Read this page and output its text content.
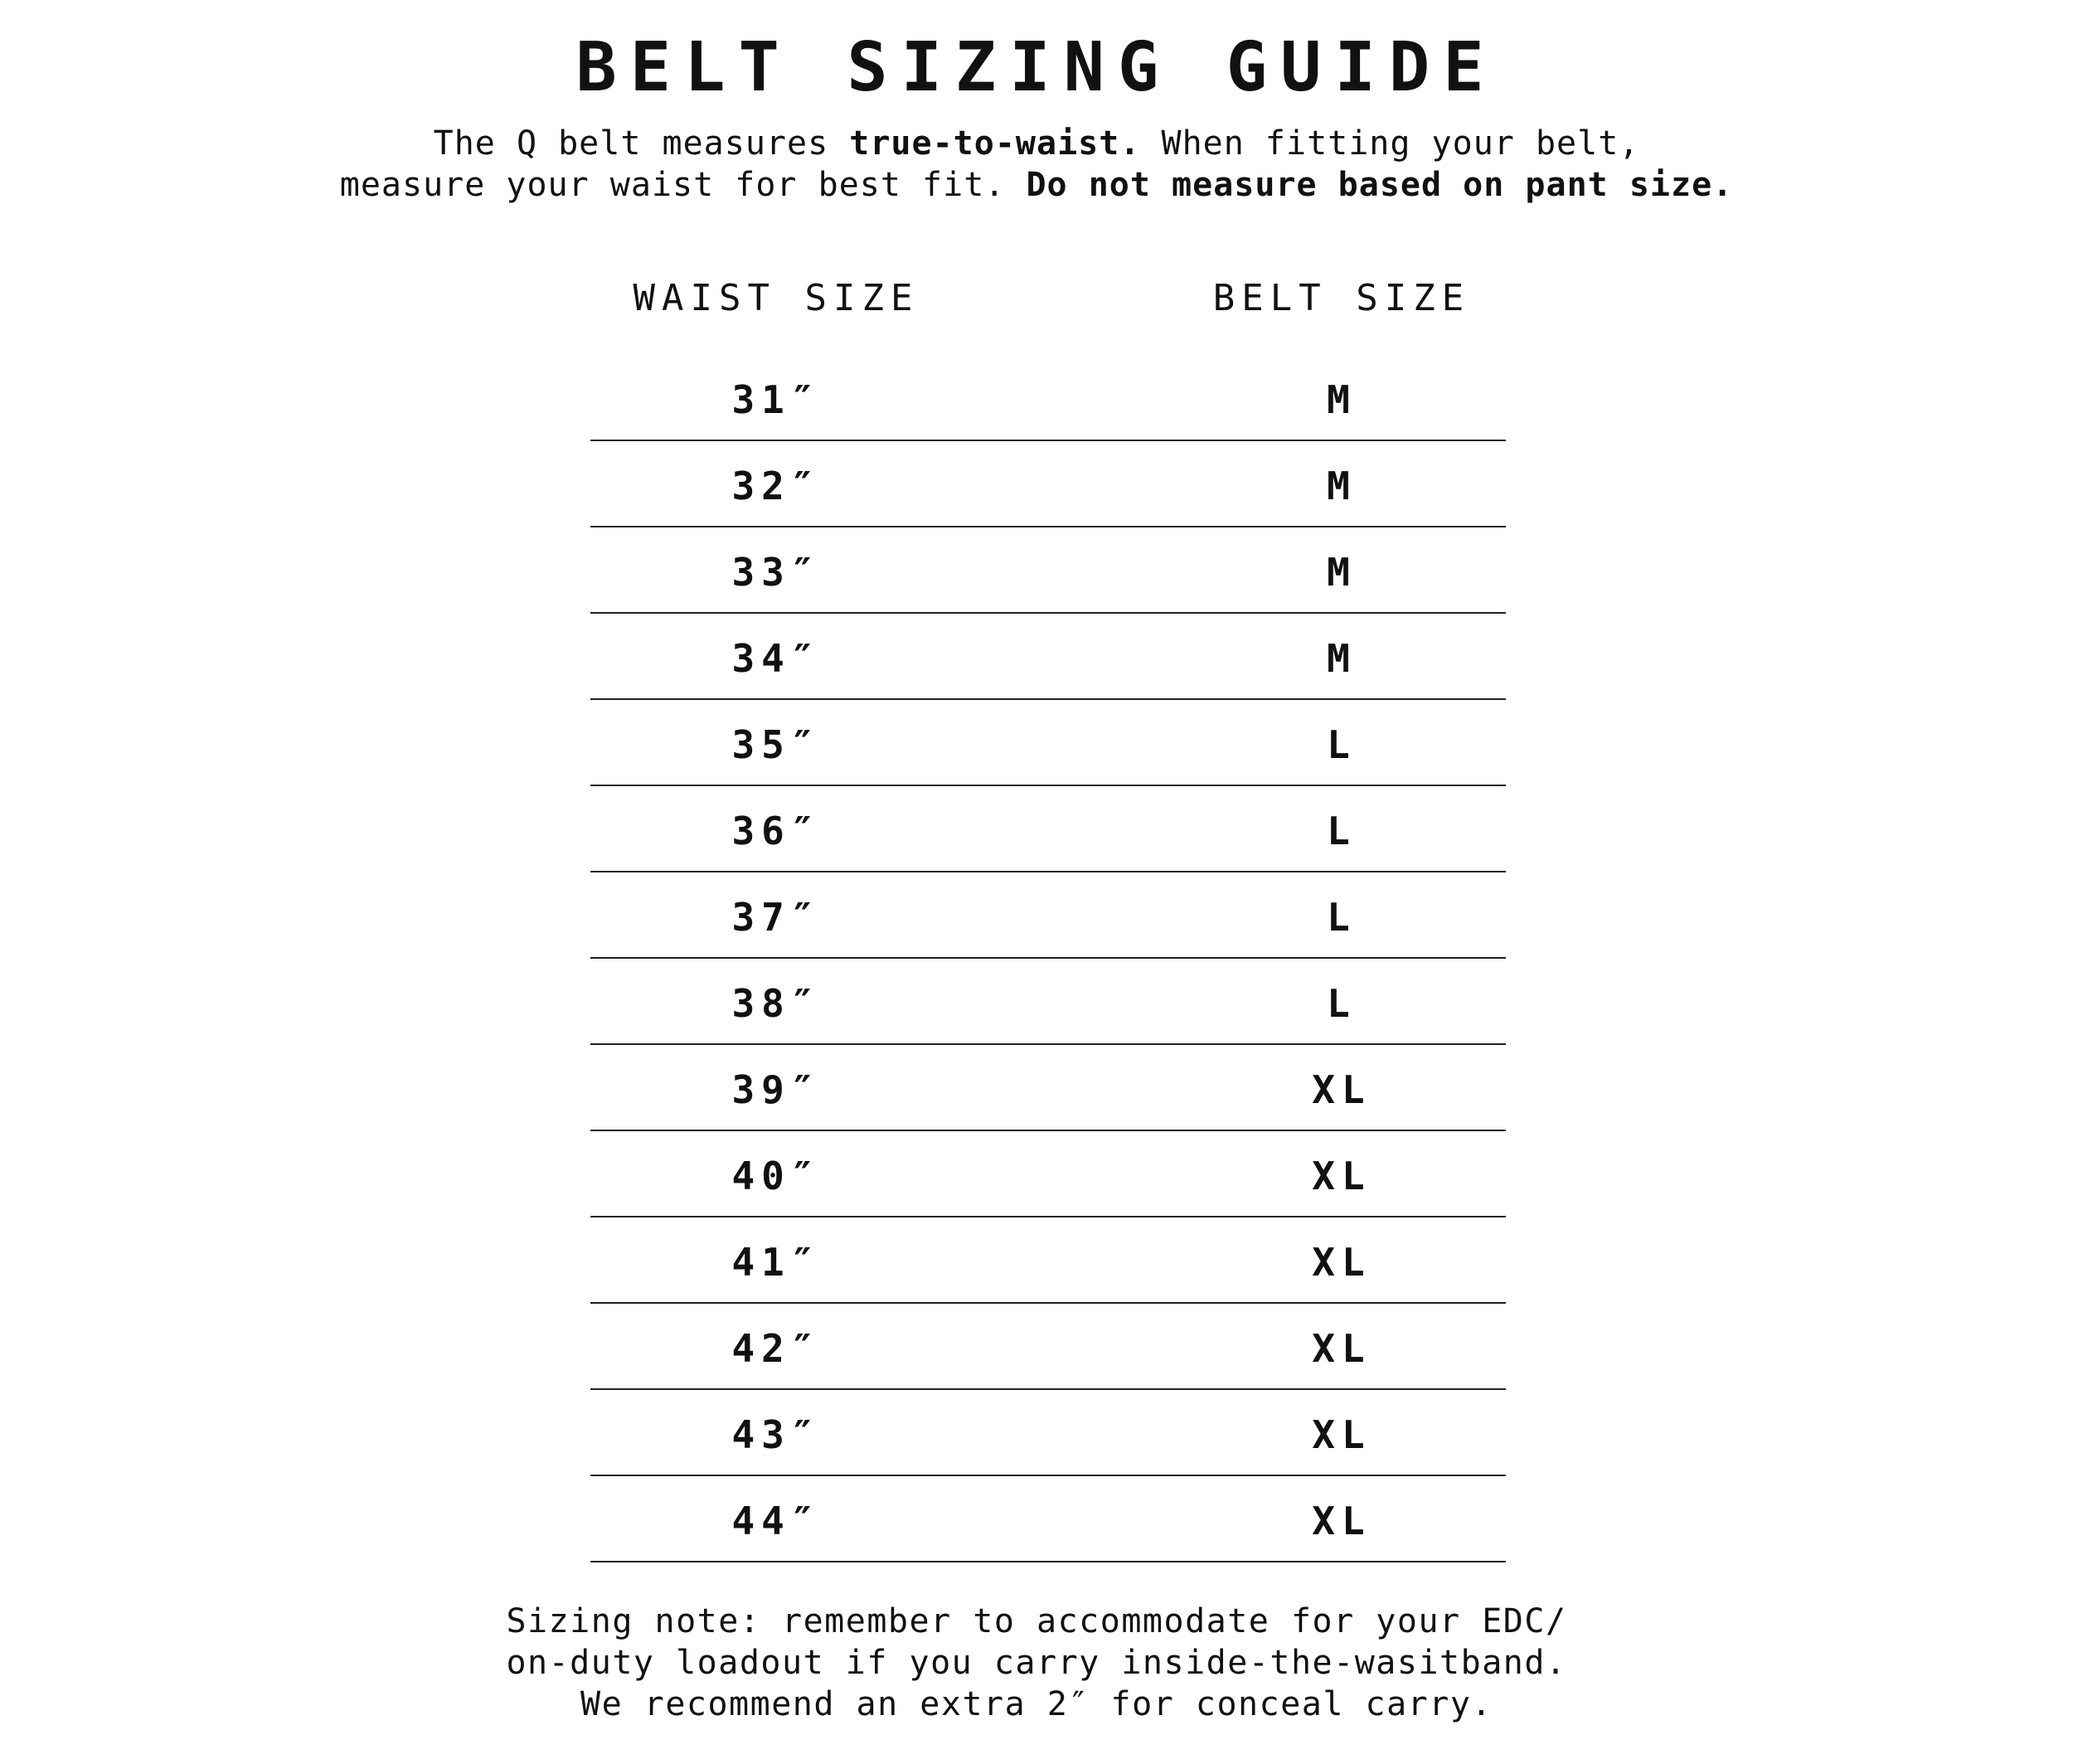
BELT SIZING GUIDE
The Q belt measures true-to-waist. When fitting your belt,
measure your waist for best fit. Do not measure based on pant size.
WAIST SIZE	BELT SIZE
31″	M
32″	M
33″	M
34″	M
35″	L
36″	L
37″	L
38″	L
39″	XL
40″	XL
41″	XL
42″	XL
43″	XL
44″	XL
Sizing note: remember to accommodate for your EDC/
on-duty loadout if you carry inside-the-wasitband.
We recommend an extra 2″ for conceal carry.
